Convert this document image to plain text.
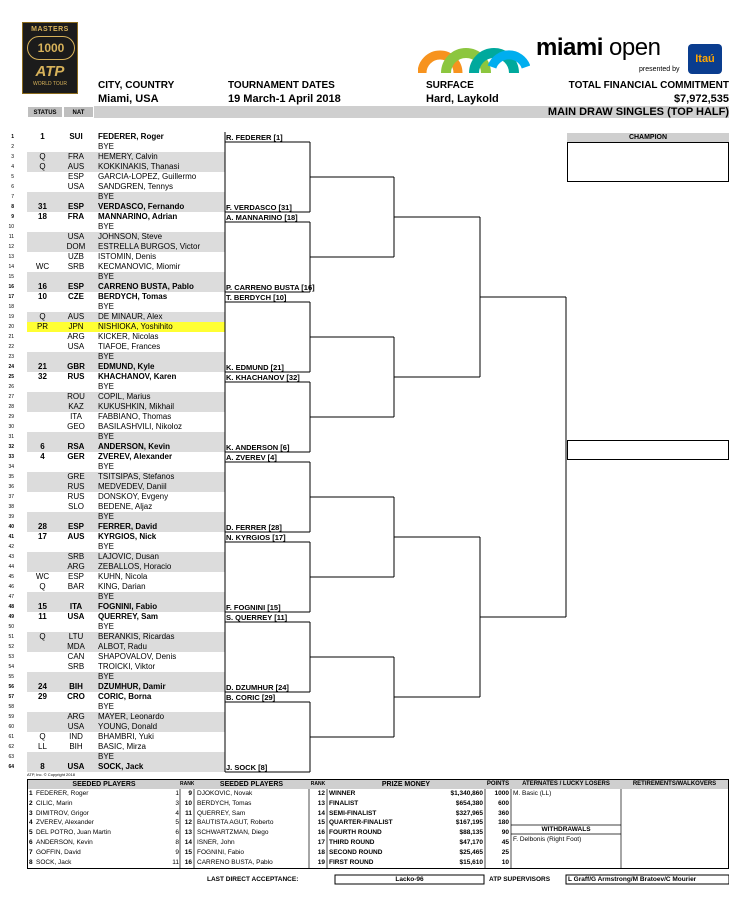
MASTERS
1000
ATP
WORLD TOUR
miami open
presented by
Itaú
CITY, COUNTRY
Miami, USA
TOURNAMENT DATES
19 March-1 April 2018
SURFACE
Hard, Laykold
TOTAL FINANCIAL COMMITMENT
$7,972,535
STATUS	NAT	MAIN DRAW SINGLES (TOP HALF)
1	1	SUI	FEDERER, Roger
2	BYE
3	Q	FRA	HEMERY, Calvin
4	Q	AUS	KOKKINAKIS, Thanasi
5	ESP	GARCIA-LOPEZ, Guillermo
6	USA	SANDGREN, Tennys
7	BYE
8	31	ESP	VERDASCO, Fernando
9	18	FRA	MANNARINO, Adrian
10	BYE
11	USA	JOHNSON, Steve
12	DOM	ESTRELLA BURGOS, Victor
13	UZB	ISTOMIN, Denis
14	WC	SRB	KECMANOVIC, Miomir
15	BYE
16	16	ESP	CARRENO BUSTA, Pablo
17	10	CZE	BERDYCH, Tomas
18	BYE
19	Q	AUS	DE MINAUR, Alex
20	PR	JPN	NISHIOKA, Yoshihito
21	ARG	KICKER, Nicolas
22	USA	TIAFOE, Frances
23	BYE
24	21	GBR	EDMUND, Kyle
25	32	RUS	KHACHANOV, Karen
26	BYE
27	ROU	COPIL, Marius
28	KAZ	KUKUSHKIN, Mikhail
29	ITA	FABBIANO, Thomas
30	GEO	BASILASHVILI, Nikoloz
31	BYE
32	6	RSA	ANDERSON, Kevin
33	4	GER	ZVEREV, Alexander
34	BYE
35	GRE	TSITSIPAS, Stefanos
36	RUS	MEDVEDEV, Daniil
37	RUS	DONSKOY, Evgeny
38	SLO	BEDENE, Aljaz
39	BYE
40	28	ESP	FERRER, David
41	17	AUS	KYRGIOS, Nick
42	BYE
43	SRB	LAJOVIC, Dusan
44	ARG	ZEBALLOS, Horacio
45	WC	ESP	KUHN, Nicola
46	Q	BAR	KING, Darian
47	BYE
48	15	ITA	FOGNINI, Fabio
49	11	USA	QUERREY, Sam
50	BYE
51	Q	LTU	BERANKIS, Ricardas
52	MDA	ALBOT, Radu
53	CAN	SHAPOVALOV, Denis
54	SRB	TROICKI, Viktor
55	BYE
56	24	BIH	DZUMHUR, Damir
57	29	CRO	CORIC, Borna
58	BYE
59	ARG	MAYER, Leonardo
60	USA	YOUNG, Donald
61	Q	IND	BHAMBRI, Yuki
62	LL	BIH	BASIC, Mirza
63	BYE
64	8	USA	SOCK, Jack
R. FEDERER [1]
F. VERDASCO [31]
A. MANNARINO [18]
P. CARRENO BUSTA [16]
T. BERDYCH [10]
K. EDMUND [21]
K. KHACHANOV [32]
K. ANDERSON [6]
A. ZVEREV [4]
D. FERRER [28]
N. KYRGIOS [17]
F. FOGNINI [15]
S. QUERREY [11]
D. DZUMHUR [24]
B. CORIC [29]
J. SOCK [8]
CHAMPION
ATP, Inc. © Copyright 2018
SEEDED PLAYERS	RANK	SEEDED PLAYERS	RANK	PRIZE MONEY	POINTS	ATERNATES / LUCKY LOSERS	RETIREMENTS/WALKOVERS
1 FEDERER, Roger	1
2 CILIC, Marin	3
3 DIMITROV, Grigor	4
4 ZVEREV, Alexander	5
5 DEL POTRO, Juan Martin	6
6 ANDERSON, Kevin	8
7 GOFFIN, David	9
8 SOCK, Jack	11
9 DJOKOVIC, Novak	12
10 BERDYCH, Tomas	13
11 QUERREY, Sam	14
12 BAUTISTA AGUT, Roberto	15
13 SCHWARTZMAN, Diego	16
14 ISNER, John	17
15 FOGNINI, Fabio	18
16 CARRENO BUSTA, Pablo	19
WINNER	$1,340,860	1000
FINALIST	$654,380	600
SEMI-FINALIST	$327,965	360
QUARTER-FINALIST	$167,195	180
FOURTH ROUND	$88,135	90
THIRD ROUND	$47,170	45
SECOND ROUND	$25,465	25
FIRST ROUND	$15,610	10
M. Basic (LL)
WITHDRAWALS
F. Delbonis (Right Foot)
LAST DIRECT ACCEPTANCE:	Lacko-96	ATP SUPERVISORS	L Graff/G Armstrong/M Bratoev/C Mourier
